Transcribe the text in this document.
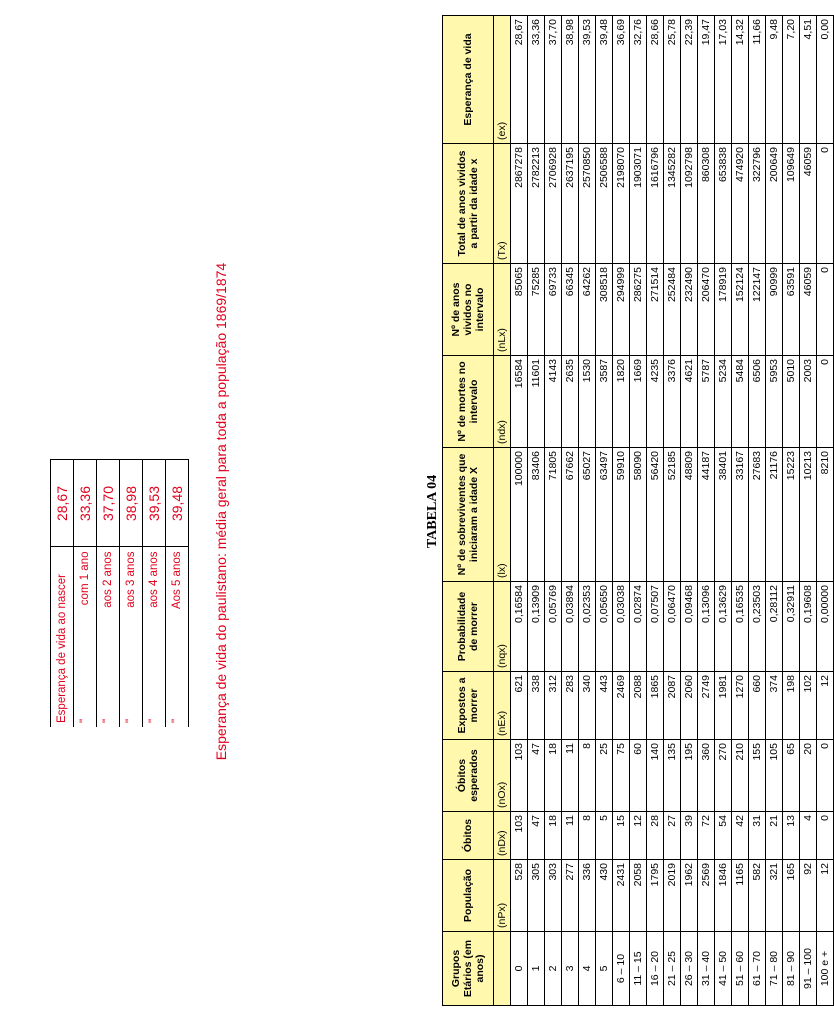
TABELA 04
Grupos Etários (em anos)	População	Óbitos	Óbitos esperados	Expostos a morrer	Probabilidade de morrer	Nº de sobreviventes que iniciaram a idade X	Nº de mortes no intervalo	Nº de anos vividos no intervalo	Total de anos vividos a partir da idade x	Esperança de vida
	(nPx)	(nDx)	(nOx)	(nEx)	(nqx)	(lx)	(ndx)	(nLx)	(Tx)	(ex)
0	528	103	103	621	0,16584	100000	16584	85065	2867278	28,67
1	305	47	47	338	0,13909	83406	11601	75285	2782213	33,36
2	303	18	18	312	0,05769	71805	4143	69733	2706928	37,70
3	277	11	11	283	0,03894	67662	2635	66345	2637195	38,98
4	336	8	8	340	0,02353	65027	1530	64262	2570850	39,53
5	430	5	25	443	0,05650	63497	3587	308518	2506588	39,48
6 – 10	2431	15	75	2469	0,03038	59910	1820	294999	2198070	36,69
11 – 15	2058	12	60	2088	0,02874	58090	1669	286275	1903071	32,76
16 – 20	1795	28	140	1865	0,07507	56420	4235	271514	1616796	28,66
21 – 25	2019	27	135	2087	0,06470	52185	3376	252484	1345282	25,78
26 – 30	1962	39	195	2060	0,09468	48809	4621	232490	1092798	22,39
31 – 40	2569	72	360	2749	0,13096	44187	5787	206470	860308	19,47
41 – 50	1846	54	270	1981	0,13629	38401	5234	178919	653838	17,03
51 – 60	1165	42	210	1270	0,16535	33167	5484	152124	474920	14,32
61 – 70	582	31	155	660	0,23503	27683	6506	122147	322796	11,66
71 – 80	321	21	105	374	0,28112	21176	5953	90999	200649	9,48
81 – 90	165	13	65	198	0,32911	15223	5010	63591	109649	7,20
91 – 100	92	4	20	102	0,19608	10213	2003	46059	46059	4,51
100 e +	12	0	0	12	0,00000	8210	0	0	0	0,00
Esperança de vida do paulistano: média geral para toda a população 1869/1874
Esperança de vida ao nascer		28,67
"	com 1 ano	33,36
"	aos 2 anos	37,70
"	aos 3 anos	38,98
"	aos 4 anos	39,53
"	Aos 5 anos	39,48
